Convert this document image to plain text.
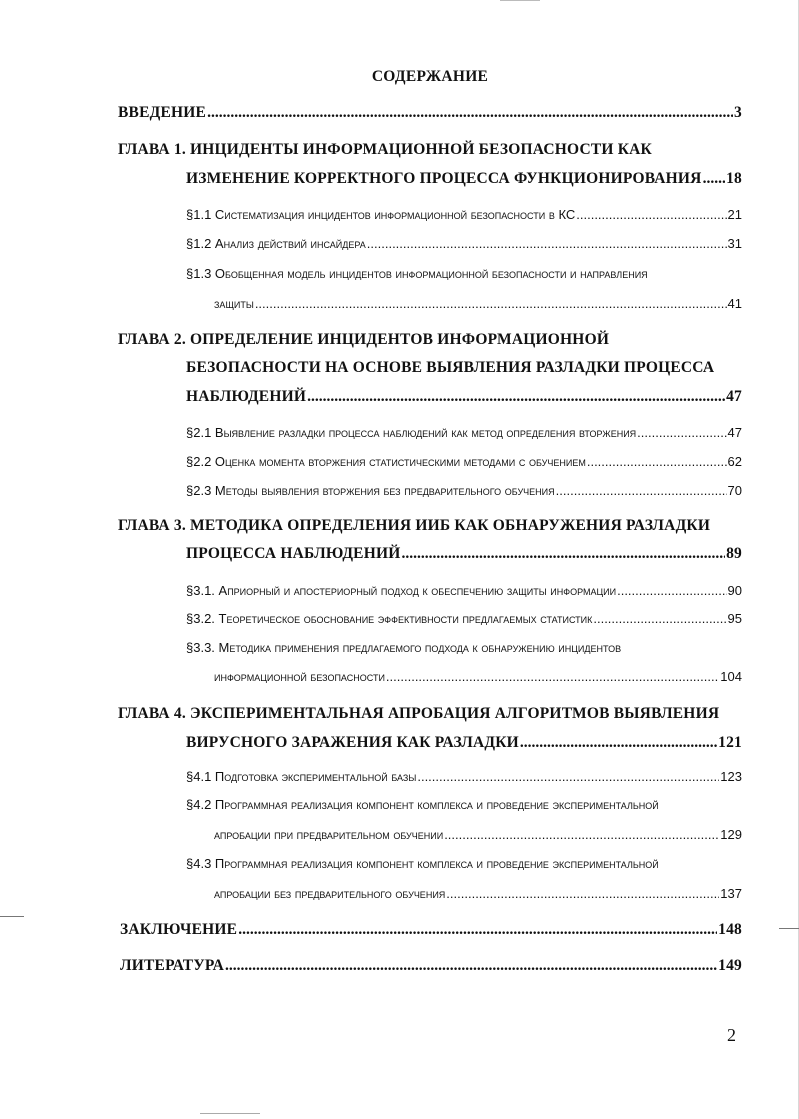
СОДЕРЖАНИЕ
ВВЕДЕНИЕ .....	3
ГЛАВА 1. ИНЦИДЕНТЫ ИНФОРМАЦИОННОЙ БЕЗОПАСНОСТИ КАК
ИЗМЕНЕНИЕ КОРРЕКТНОГО ПРОЦЕССА ФУНКЦИОНИРОВАНИЯ ..... 18
§1.1 Систематизация инцидентов информационной безопасности в КС .....	21
§1.2 Анализ действий инсайдера .....	31
§1.3 Обобщенная модель инцидентов информационной безопасности и направления
защиты .....	41
ГЛАВА 2. ОПРЕДЕЛЕНИЕ ИНЦИДЕНТОВ ИНФОРМАЦИОННОЙ
БЕЗОПАСНОСТИ НА ОСНОВЕ ВЫЯВЛЕНИЯ РАЗЛАДКИ ПРОЦЕССА
НАБЛЮДЕНИЙ .....	47
§2.1 Выявление разладки процесса наблюдений как метод определения вторжения .....	47
§2.2 Оценка момента вторжения статистическими методами с обучением .....	62
§2.3 Методы выявления вторжения без предварительного обучения .....	70
ГЛАВА 3. МЕТОДИКА ОПРЕДЕЛЕНИЯ ИИБ КАК ОБНАРУЖЕНИЯ РАЗЛАДКИ
ПРОЦЕССА НАБЛЮДЕНИЙ .....	89
§3.1. Априорный и апостериорный подход к обеспечению защиты информации .....	90
§3.2. Теоретическое обоснование эффективности предлагаемых статистик .....	95
§3.3. Методика применения предлагаемого подхода к обнаружению инцидентов
информационной безопасности .....	104
ГЛАВА 4. ЭКСПЕРИМЕНТАЛЬНАЯ АПРОБАЦИЯ АЛГОРИТМОВ ВЫЯВЛЕНИЯ
ВИРУСНОГО ЗАРАЖЕНИЯ КАК РАЗЛАДКИ .....	121
§4.1 Подготовка экспериментальной базы .....	123
§4.2 Программная реализация компонент комплекса и проведение экспериментальной
апробации при предварительном обучении .....	129
§4.3 Программная реализация компонент комплекса и проведение экспериментальной
апробации без предварительного обучения .....	137
ЗАКЛЮЧЕНИЕ .....	148
ЛИТЕРАТУРА .....	149
2
